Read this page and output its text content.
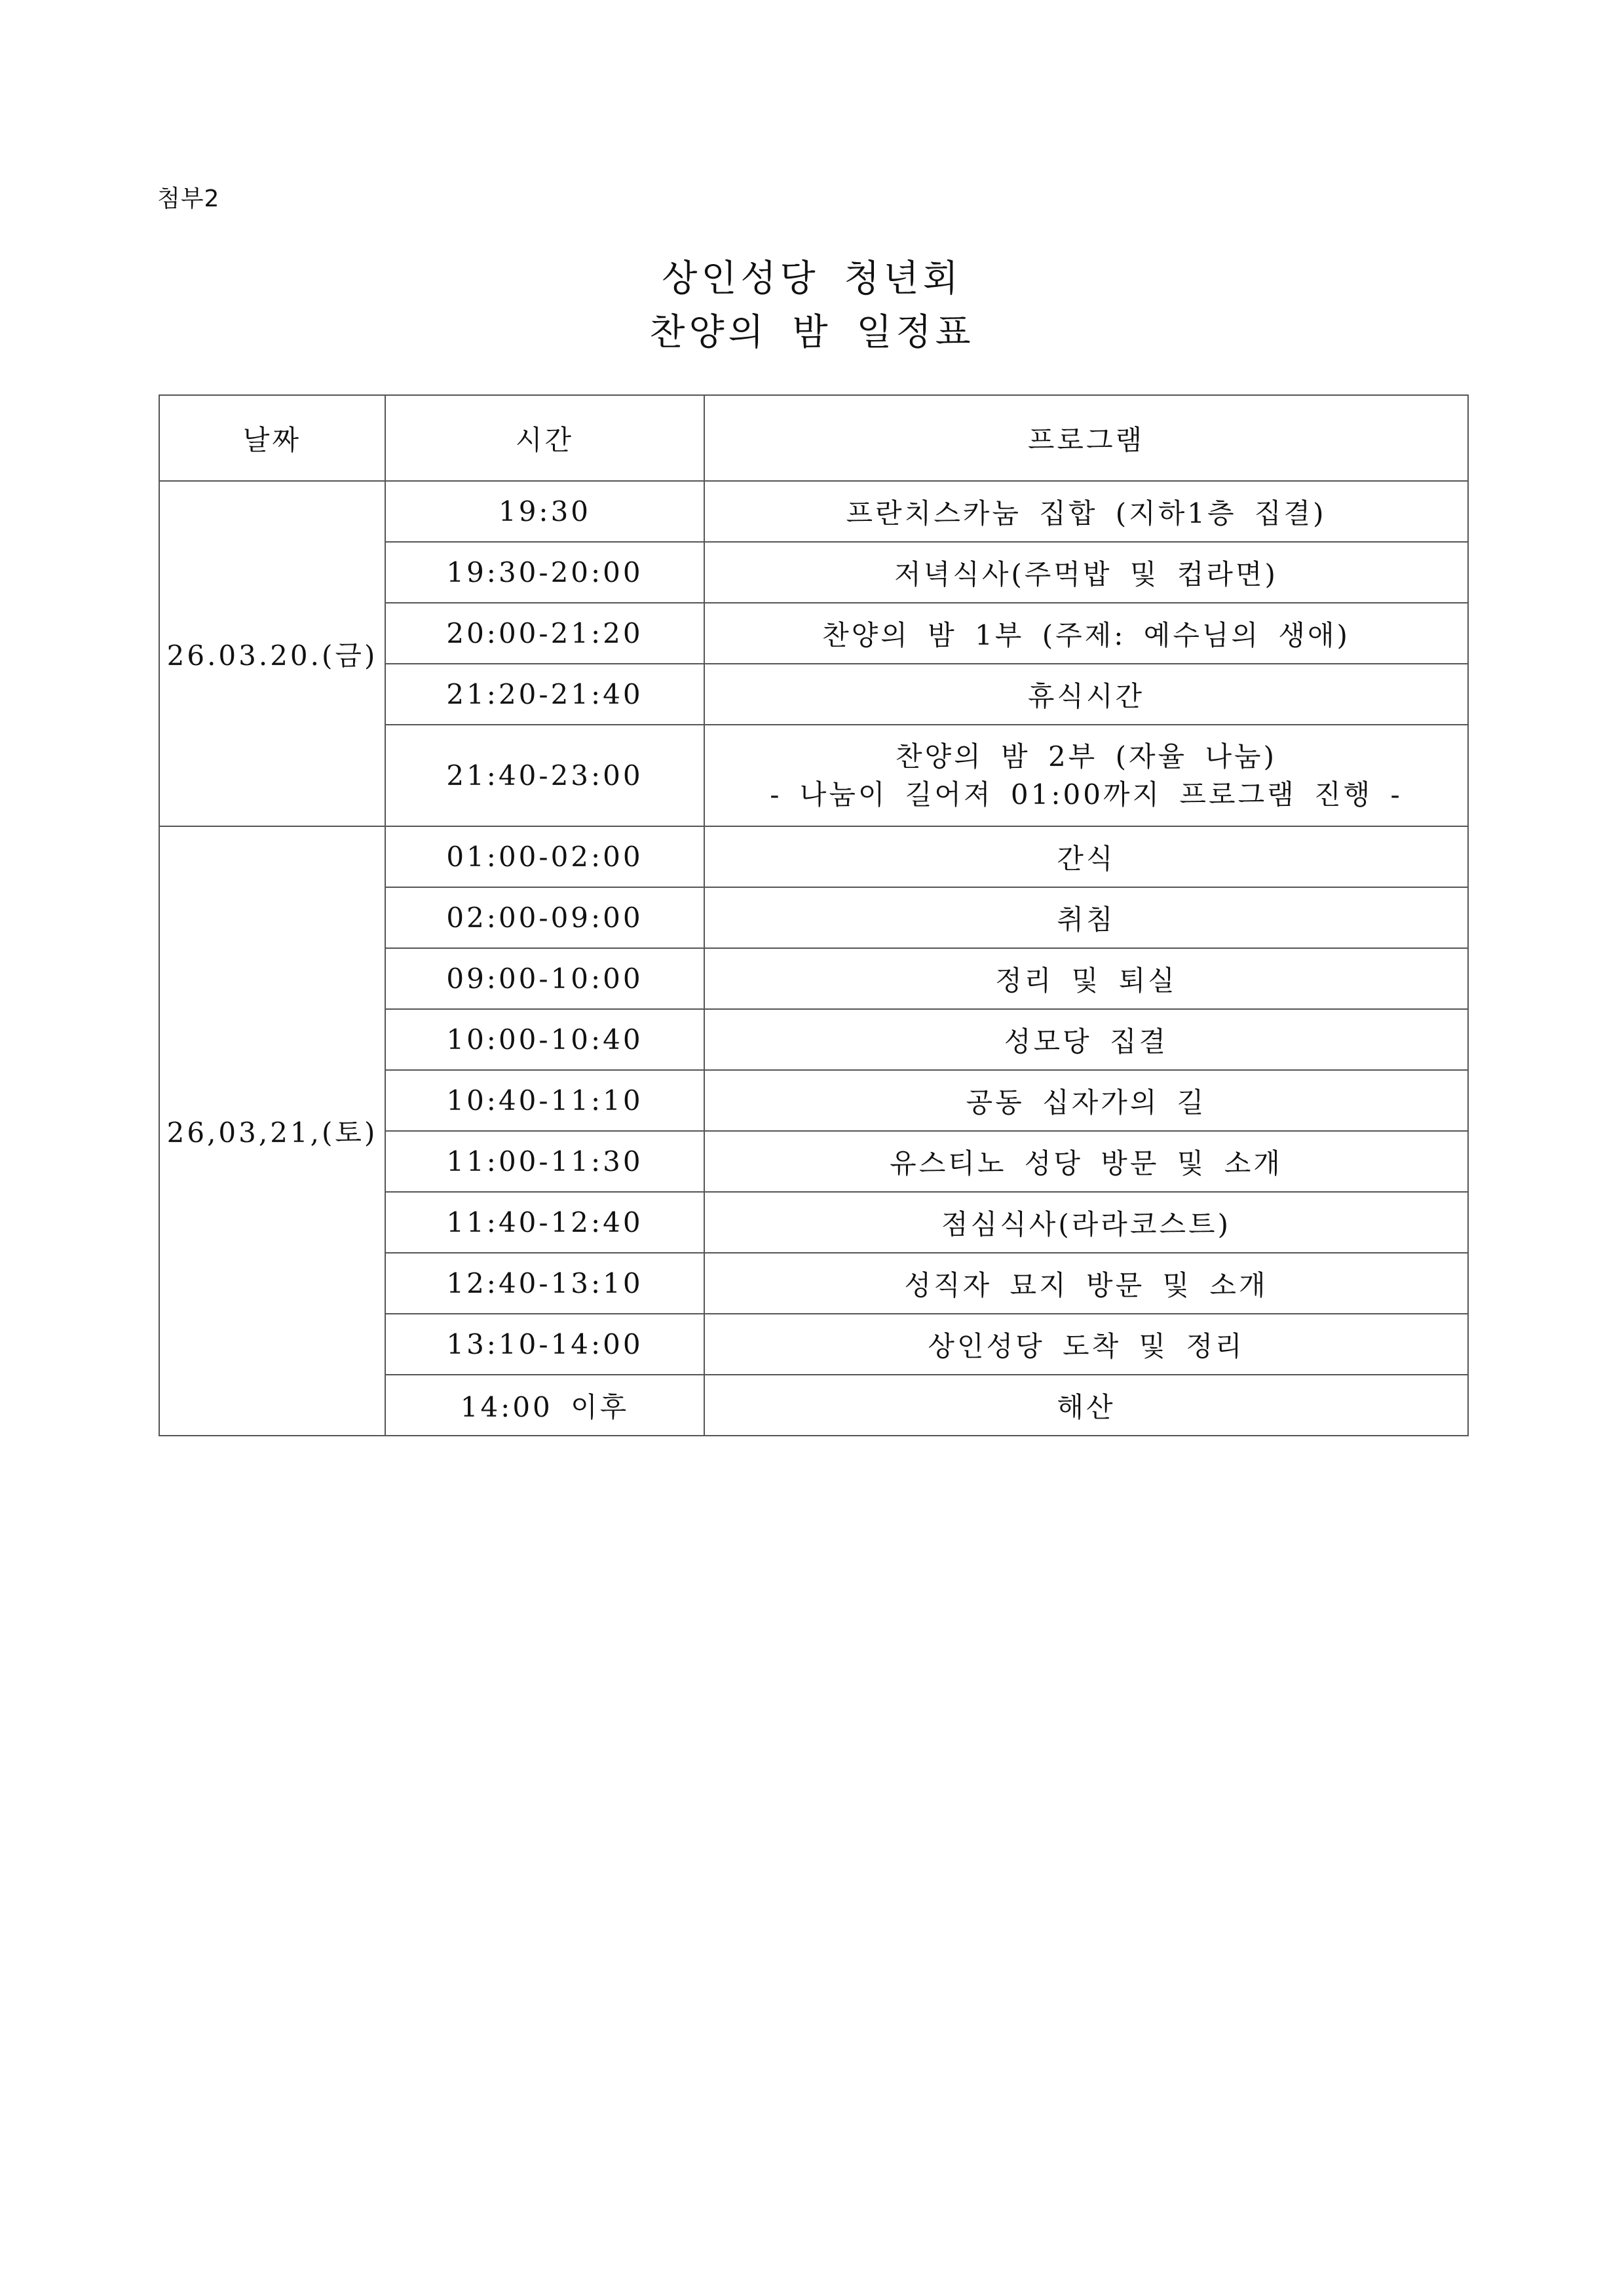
첨부2
상인성당 청년회
찬양의 밤 일정표
날짜	시간	프로그램
26.03.20.(금)	19:30	프란치스카눔 집합 (지하1층 집결)
	19:30-20:00	저녁식사(주먹밥 및 컵라면)
	20:00-21:20	찬양의 밤 1부 (주제: 예수님의 생애)
	21:20-21:40	휴식시간
	21:40-23:00	찬양의 밤 2부 (자율 나눔)
- 나눔이 길어져 01:00까지 프로그램 진행 -

26,03,21,(토)	01:00-02:00	간식
	02:00-09:00	취침
	09:00-10:00	정리 및 퇴실
	10:00-10:40	성모당 집결
	10:40-11:10	공동 십자가의 길
	11:00-11:30	유스티노 성당 방문 및 소개
	11:40-12:40	점심식사(라라코스트)
	12:40-13:10	성직자 묘지 방문 및 소개
	13:10-14:00	상인성당 도착 및 정리
	14:00 이후	해산
